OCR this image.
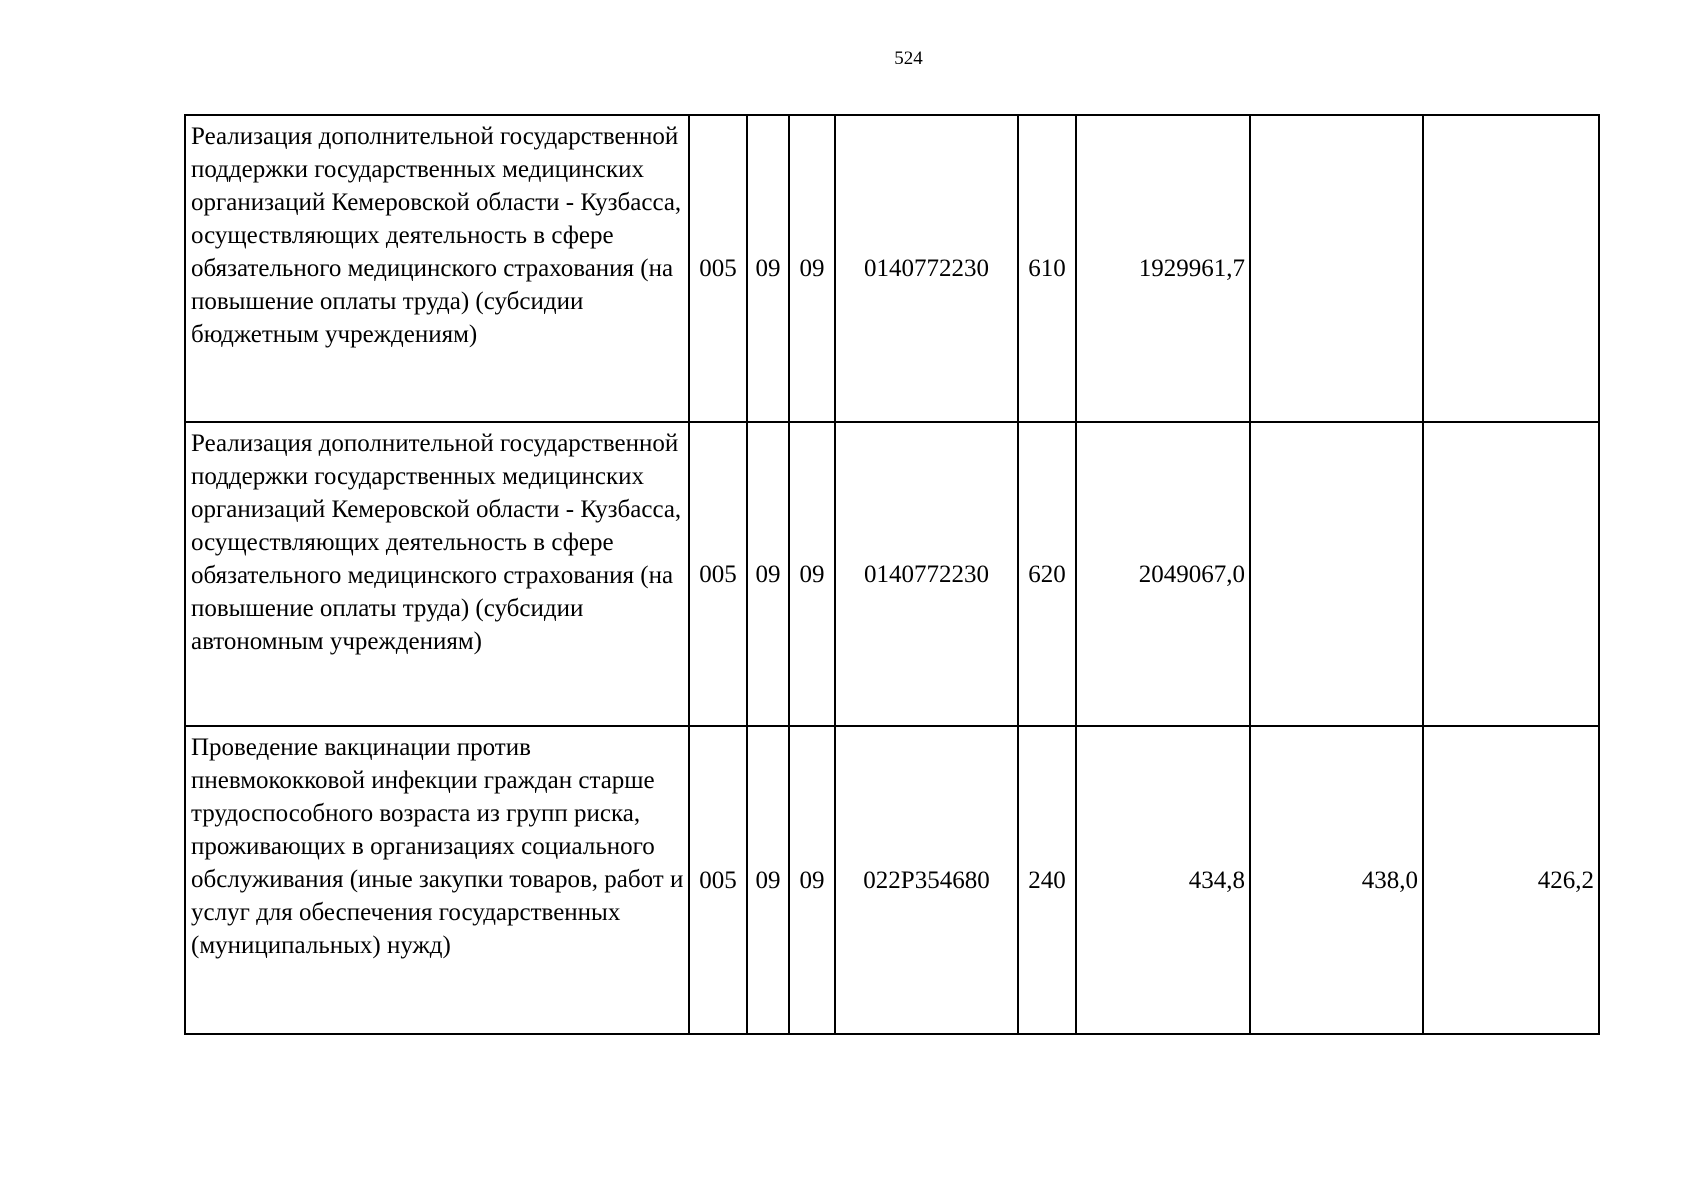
524
Реализация дополнительной государственной поддержки государственных медицинских организаций Кемеровской области - Кузбасса, осуществляющих деятельность в сфере обязательного медицинского страхования (на повышение оплаты труда) (субсидии бюджетным учреждениям)	005	09	09	0140772230	610	1929961,7		
Реализация дополнительной государственной поддержки государственных медицинских организаций Кемеровской области - Кузбасса, осуществляющих деятельность в сфере обязательного медицинского страхования (на повышение оплаты труда) (субсидии автономным учреждениям)	005	09	09	0140772230	620	2049067,0		
Проведение вакцинации против пневмококковой инфекции граждан старше трудоспособного возраста из групп риска, проживающих в организациях социального обслуживания (иные закупки товаров, работ и услуг для обеспечения государственных (муниципальных) нужд)	005	09	09	022P354680	240	434,8	438,0	426,2
